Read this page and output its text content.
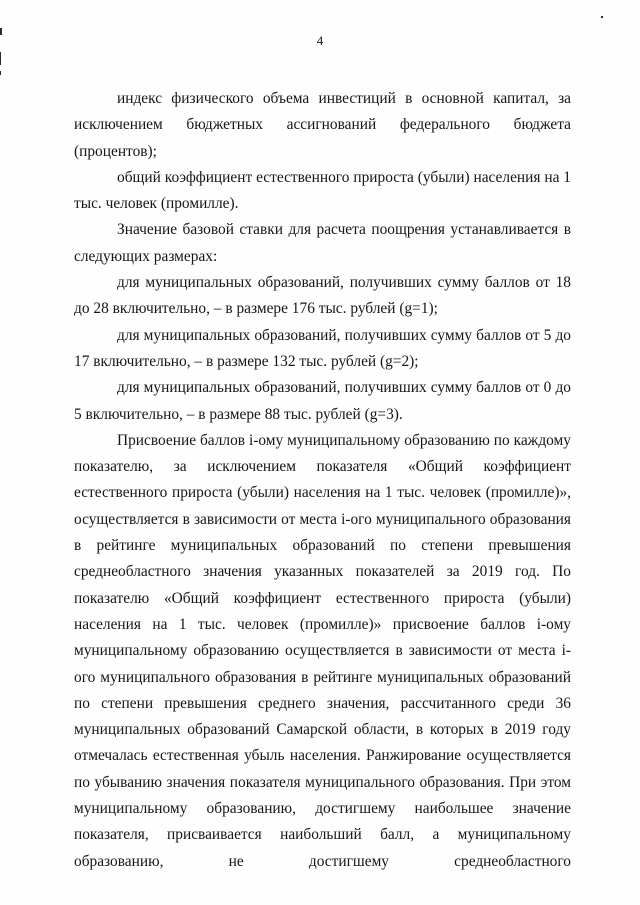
4

индекс физического объема инвестиций в основной капитал, за исключением бюджетных ассигнований федерального бюджета (процентов);

общий коэффициент естественного прироста (убыли) населения на 1 тыс. человек (промилле).

Значение базовой ставки для расчета поощрения устанавливается в следующих размерах:

для муниципальных образований, получивших сумму баллов от 18 до 28 включительно, – в размере 176 тыс. рублей (g=1);

для муниципальных образований, получивших сумму баллов от 5 до 17 включительно, – в размере 132 тыс. рублей (g=2);

для муниципальных образований, получивших сумму баллов от 0 до 5 включительно, – в размере 88 тыс. рублей (g=3).

Присвоение баллов i-ому муниципальному образованию по каждому показателю, за исключением показателя «Общий коэффициент естественного прироста (убыли) населения на 1 тыс. человек (промилле)», осуществляется в зависимости от места i-ого муниципального образования в рейтинге муниципальных образований по степени превышения среднеобластного значения указанных показателей за 2019 год. По показателю «Общий коэффициент естественного прироста (убыли) населения на 1 тыс. человек (промилле)» присвоение баллов i-ому муниципальному образованию осуществляется в зависимости от места i-ого муниципального образования в рейтинге муниципальных образований по степени превышения среднего значения, рассчитанного среди 36 муниципальных образований Самарской области, в которых в 2019 году отмечалась естественная убыль населения. Ранжирование осуществляется по убыванию значения показателя муниципального образования. При этом муниципальному образованию, достигшему наибольшее значение показателя, присваивается наибольший балл, а муниципальному образованию, не достигшему среднеобластного
